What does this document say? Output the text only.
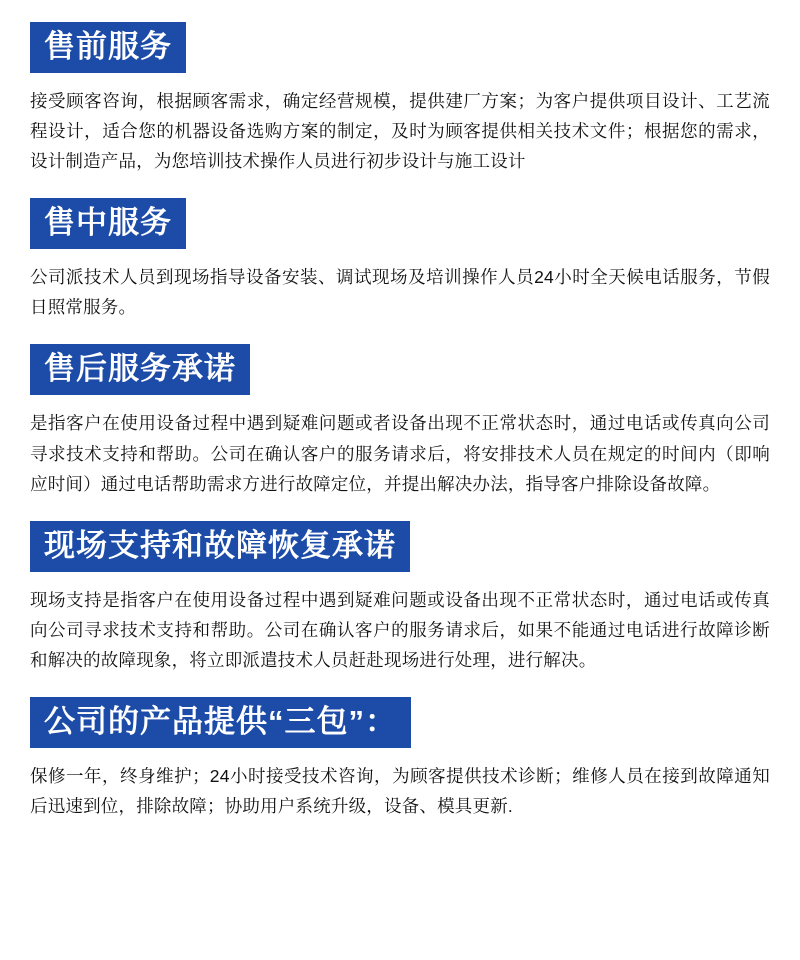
售前服务

接受顾客咨询，根据顾客需求，确定经营规模，提供建厂方案；为客户提供项目设计、工艺流程设计，适合您的机器设备选购方案的制定，及时为顾客提供相关技术文件；根据您的需求，设计制造产品，为您培训技术操作人员进行初步设计与施工设计

售中服务

公司派技术人员到现场指导设备安装、调试现场及培训操作人员24小时全天候电话服务，节假日照常服务。

售后服务承诺

是指客户在使用设备过程中遇到疑难问题或者设备出现不正常状态时，通过电话或传真向公司寻求技术支持和帮助。公司在确认客户的服务请求后，将安排技术人员在规定的时间内（即响应时间）通过电话帮助需求方进行故障定位，并提出解决办法，指导客户排除设备故障。

现场支持和故障恢复承诺

现场支持是指客户在使用设备过程中遇到疑难问题或设备出现不正常状态时，通过电话或传真向公司寻求技术支持和帮助。公司在确认客户的服务请求后，如果不能通过电话进行故障诊断和解决的故障现象，将立即派遣技术人员赶赴现场进行处理，进行解决。

公司的产品提供“三包”：

保修一年，终身维护；24小时接受技术咨询，为顾客提供技术诊断；维修人员在接到故障通知后迅速到位，排除故障；协助用户系统升级，设备、模具更新.
